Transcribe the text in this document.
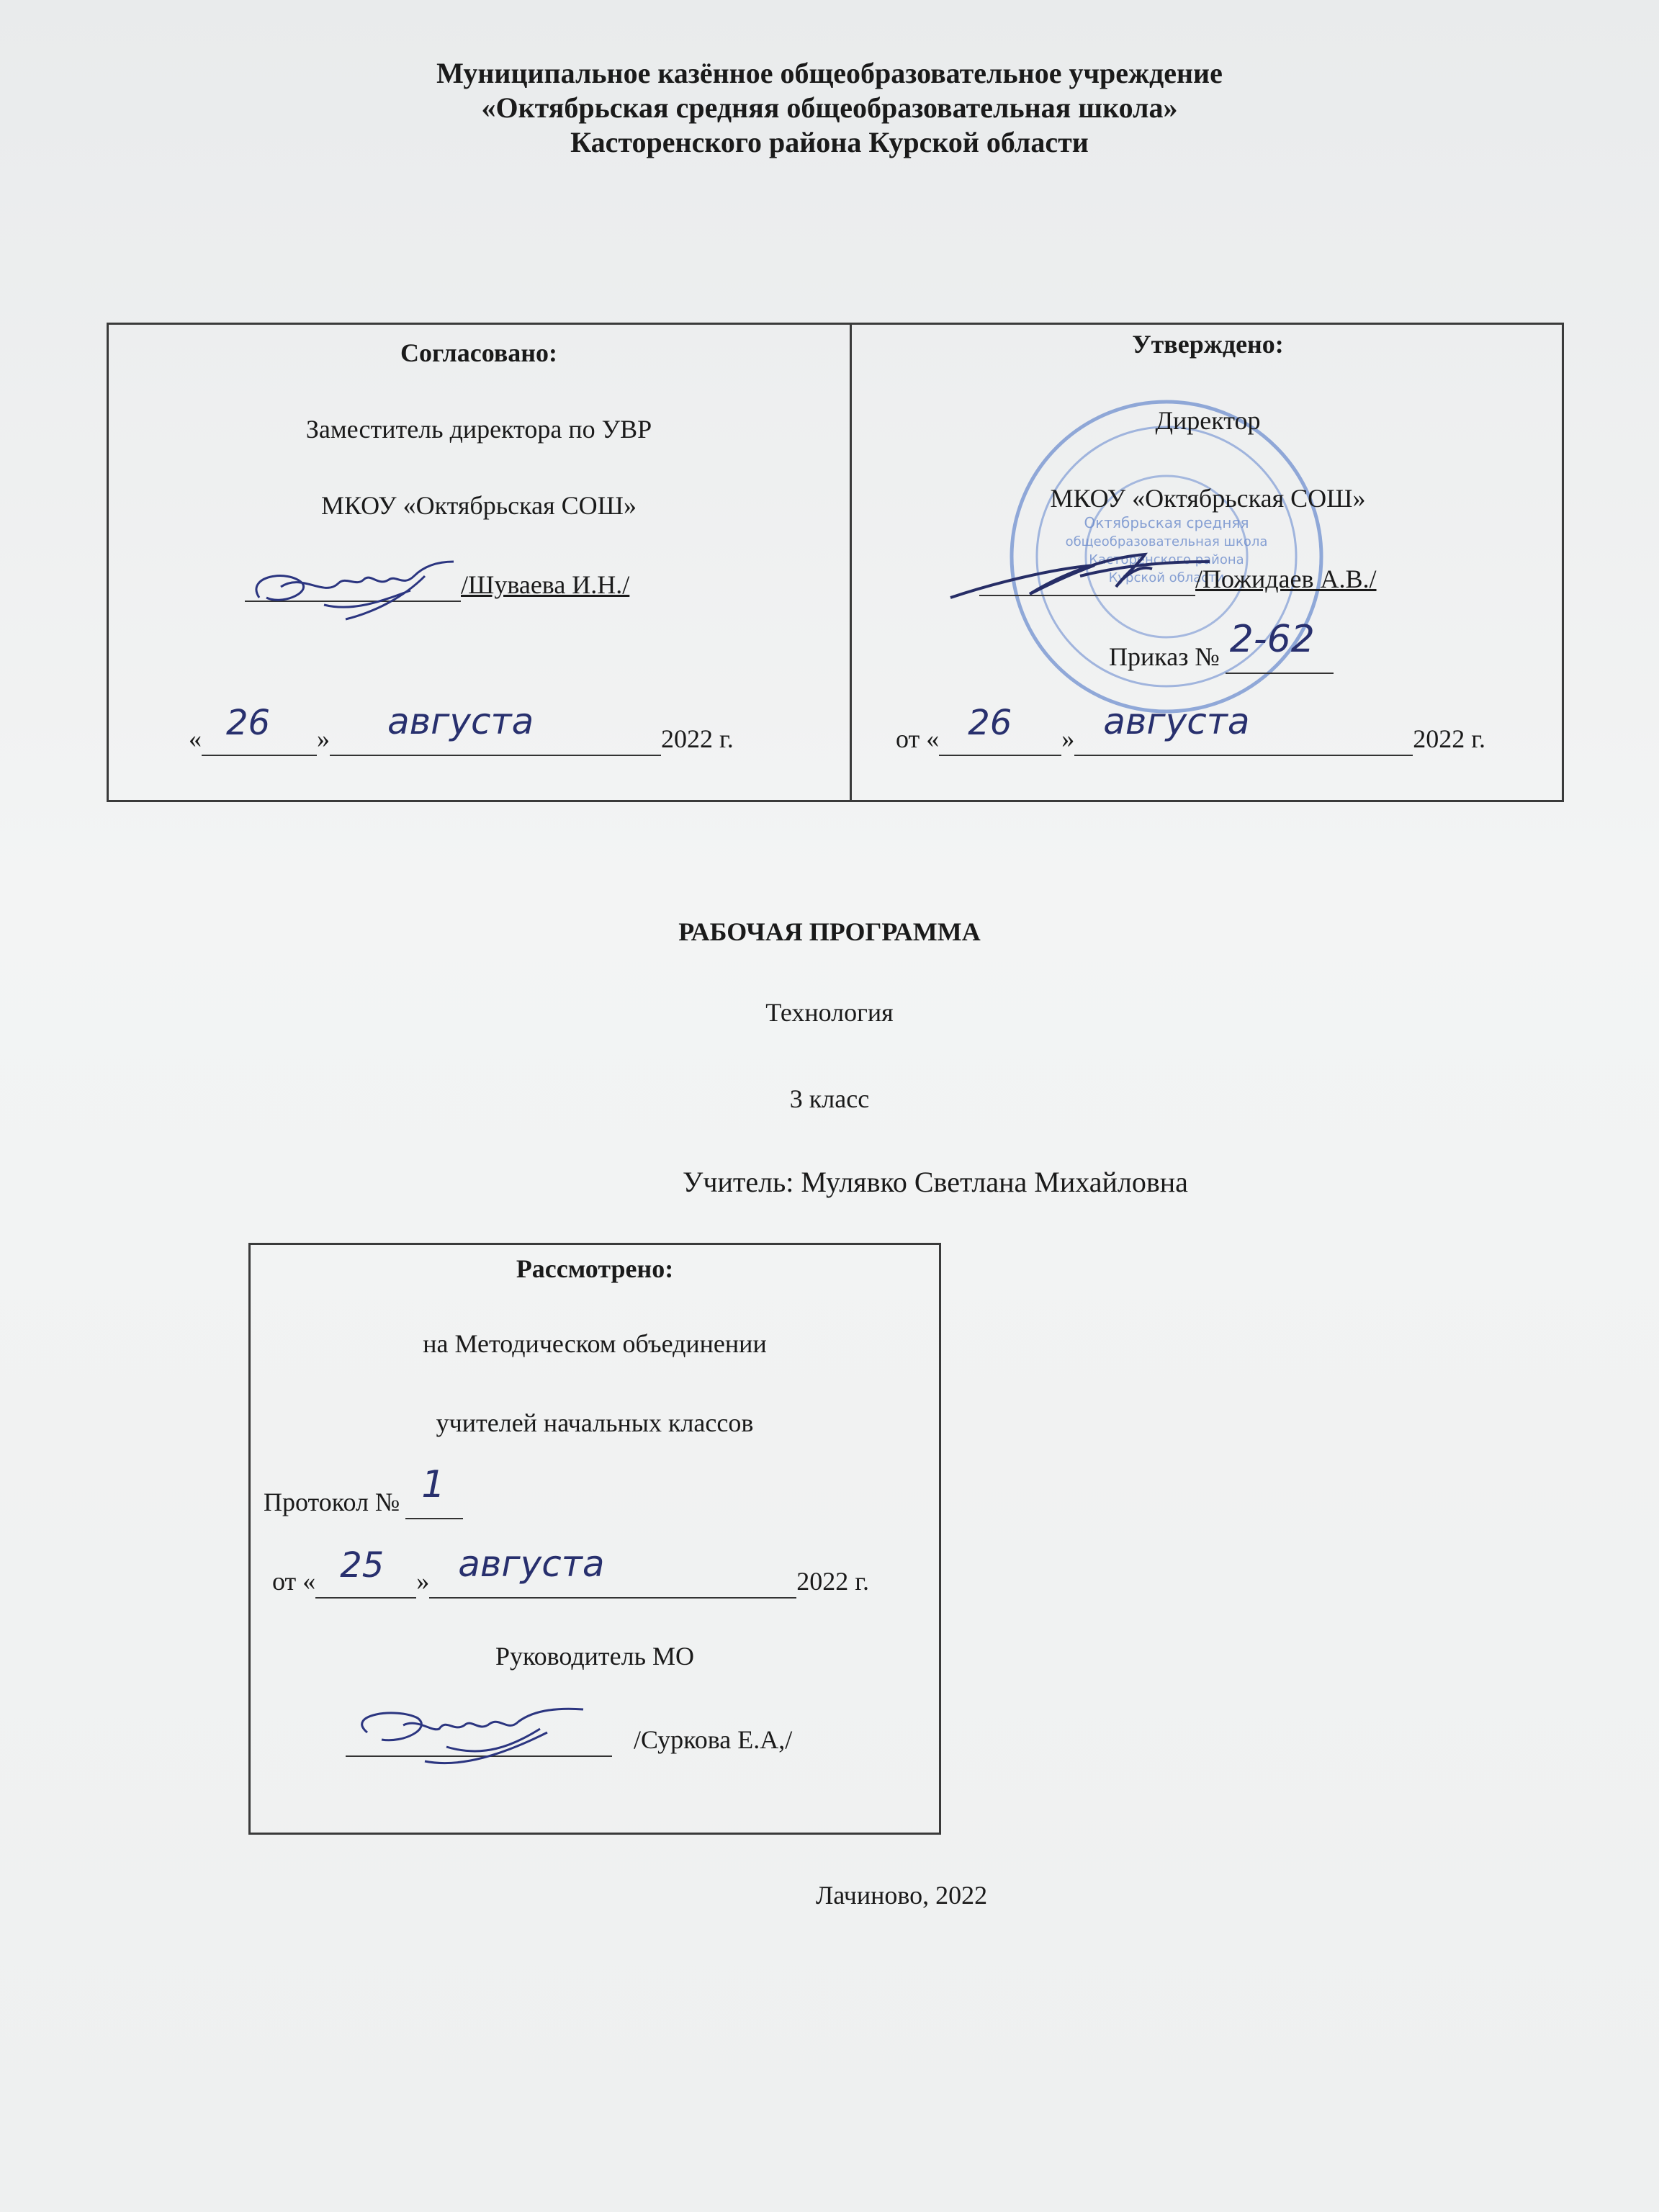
Муниципальное казённое общеобразовательное учреждение
«Октябрьская средняя общеобразовательная школа»
Касторенского района Курской области
Согласовано:
Заместитель директора по УВР
МКОУ «Октябрьская СОШ»
/Шуваева И.Н./
« 26 » августа	2022 г.
Октябрьская средняя
общеобразовательная школа
Касторенского района
Курской области
Утверждено:
Директор
МКОУ «Октябрьская СОШ»
/Пожидаев А.В./
Приказ № 2-62

от « 26 » августа	2022 г.
РАБОЧАЯ ПРОГРАММА
Технология
3 класс
Учитель: Мулявко Светлана Михайловна
Рассмотрено:
на Методическом объединении
учителей начальных классов
Протокол № 1

от « 25 » августа	2022 г.
Руководитель МО
/Суркова Е.А,/
Лачиново, 2022
